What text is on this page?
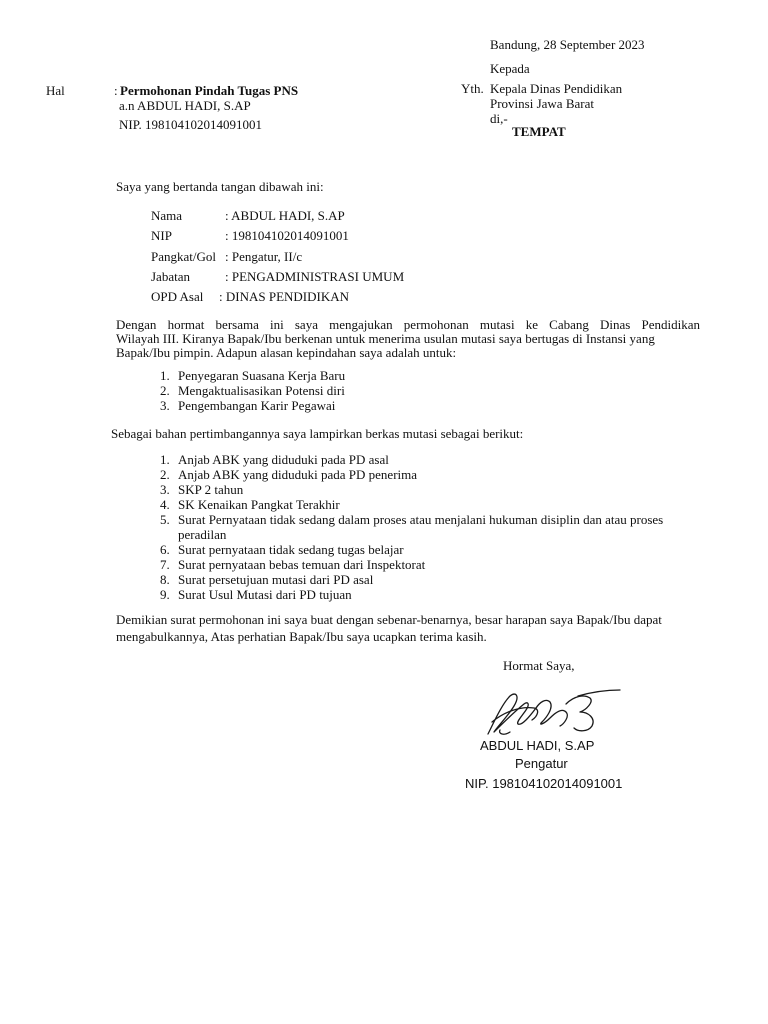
Bandung, 28 September 2023
Kepada
Yth. Kepala Dinas Pendidikan
Provinsi Jawa Barat
di,-
TEMPAT
Hal	: Permohonan Pindah Tugas PNS
a.n ABDUL HADI, S.AP
NIP. 198104102014091001
Saya yang bertanda tangan dibawah ini:
Nama	: ABDUL HADI, S.AP
NIP	: 198104102014091001
Pangkat/Gol : Pengatur, II/c
Jabatan	: PENGADMINISTRASI UMUM
OPD Asal : DINAS PENDIDIKAN
Dengan hormat bersama ini saya mengajukan permohonan mutasi ke Cabang Dinas Pendidikan
Wilayah III. Kiranya Bapak/Ibu berkenan untuk menerima usulan mutasi saya bertugas di Instansi yang
Bapak/Ibu pimpin. Adapun alasan kepindahan saya adalah untuk:
1. Penyegaran Suasana Kerja Baru
2. Mengaktualisasikan Potensi diri
3. Pengembangan Karir Pegawai
Sebagai bahan pertimbangannya saya lampirkan berkas mutasi sebagai berikut:
1. Anjab ABK yang diduduki pada PD asal
2. Anjab ABK yang diduduki pada PD penerima
3. SKP 2 tahun
4. SK Kenaikan Pangkat Terakhir
5. Surat Pernyataan tidak sedang dalam proses atau menjalani hukuman disiplin dan atau proses peradilan
6. Surat pernyataan tidak sedang tugas belajar
7. Surat pernyataan bebas temuan dari Inspektorat
8. Surat persetujuan mutasi dari PD asal
9. Surat Usul Mutasi dari PD tujuan
Demikian surat permohonan ini saya buat dengan sebenar-benarnya, besar harapan saya Bapak/Ibu dapat
mengabulkannya, Atas perhatian Bapak/Ibu saya ucapkan terima kasih.
Hormat Saya,
ABDUL HADI, S.AP
Pengatur
NIP. 198104102014091001
